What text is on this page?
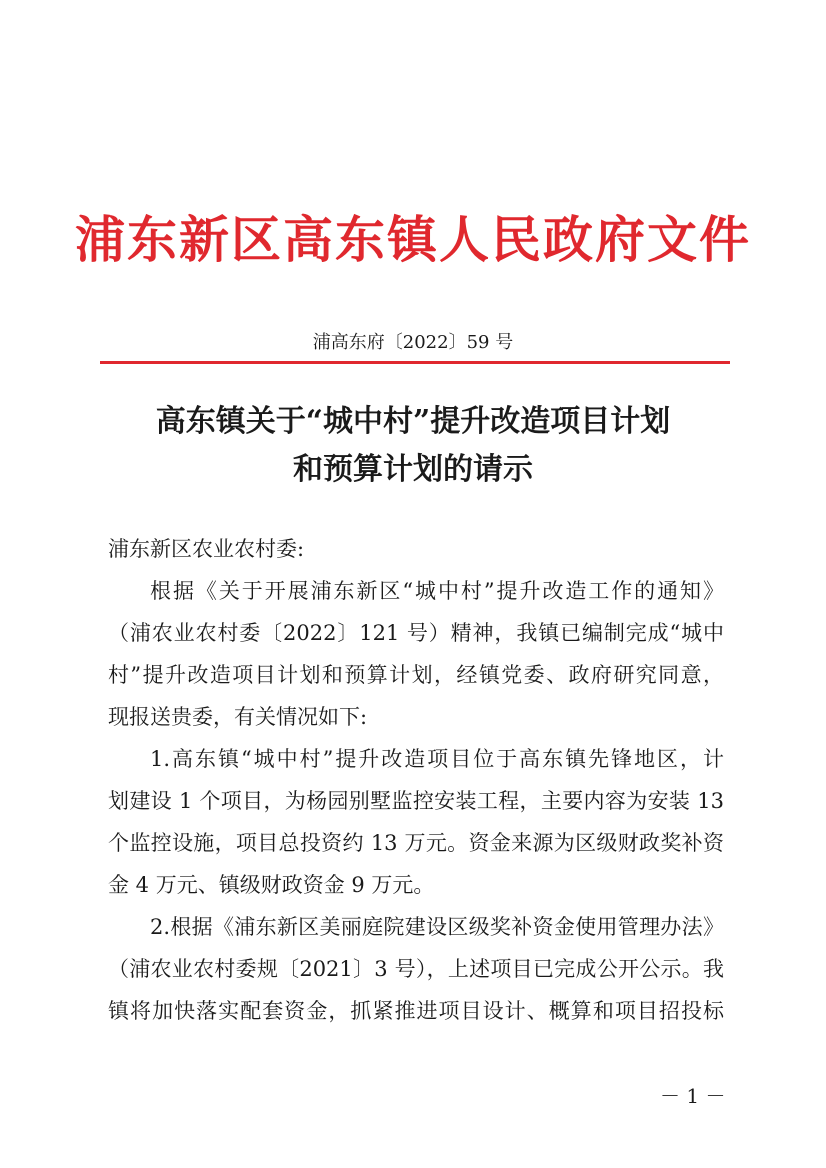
浦东新区高东镇人民政府文件
浦高东府〔2022〕59 号
高东镇关于“城中村”提升改造项目计划
和预算计划的请示
浦东新区农业农村委:
根据《关于开展浦东新区“城中村”提升改造工作的通知》
（浦农业农村委〔2022〕121 号）精神，我镇已编制完成“城中
村”提升改造项目计划和预算计划，经镇党委、政府研究同意，
现报送贵委，有关情况如下:
1.高东镇“城中村”提升改造项目位于高东镇先锋地区，计
划建设 1 个项目，为杨园别墅监控安装工程，主要内容为安装 13
个监控设施，项目总投资约 13 万元。资金来源为区级财政奖补资
金 4 万元、镇级财政资金 9 万元。
2.根据《浦东新区美丽庭院建设区级奖补资金使用管理办法》
（浦农业农村委规〔2021〕3 号），上述项目已完成公开公示。我
镇将加快落实配套资金，抓紧推进项目设计、概算和项目招投标
－ 1 －
